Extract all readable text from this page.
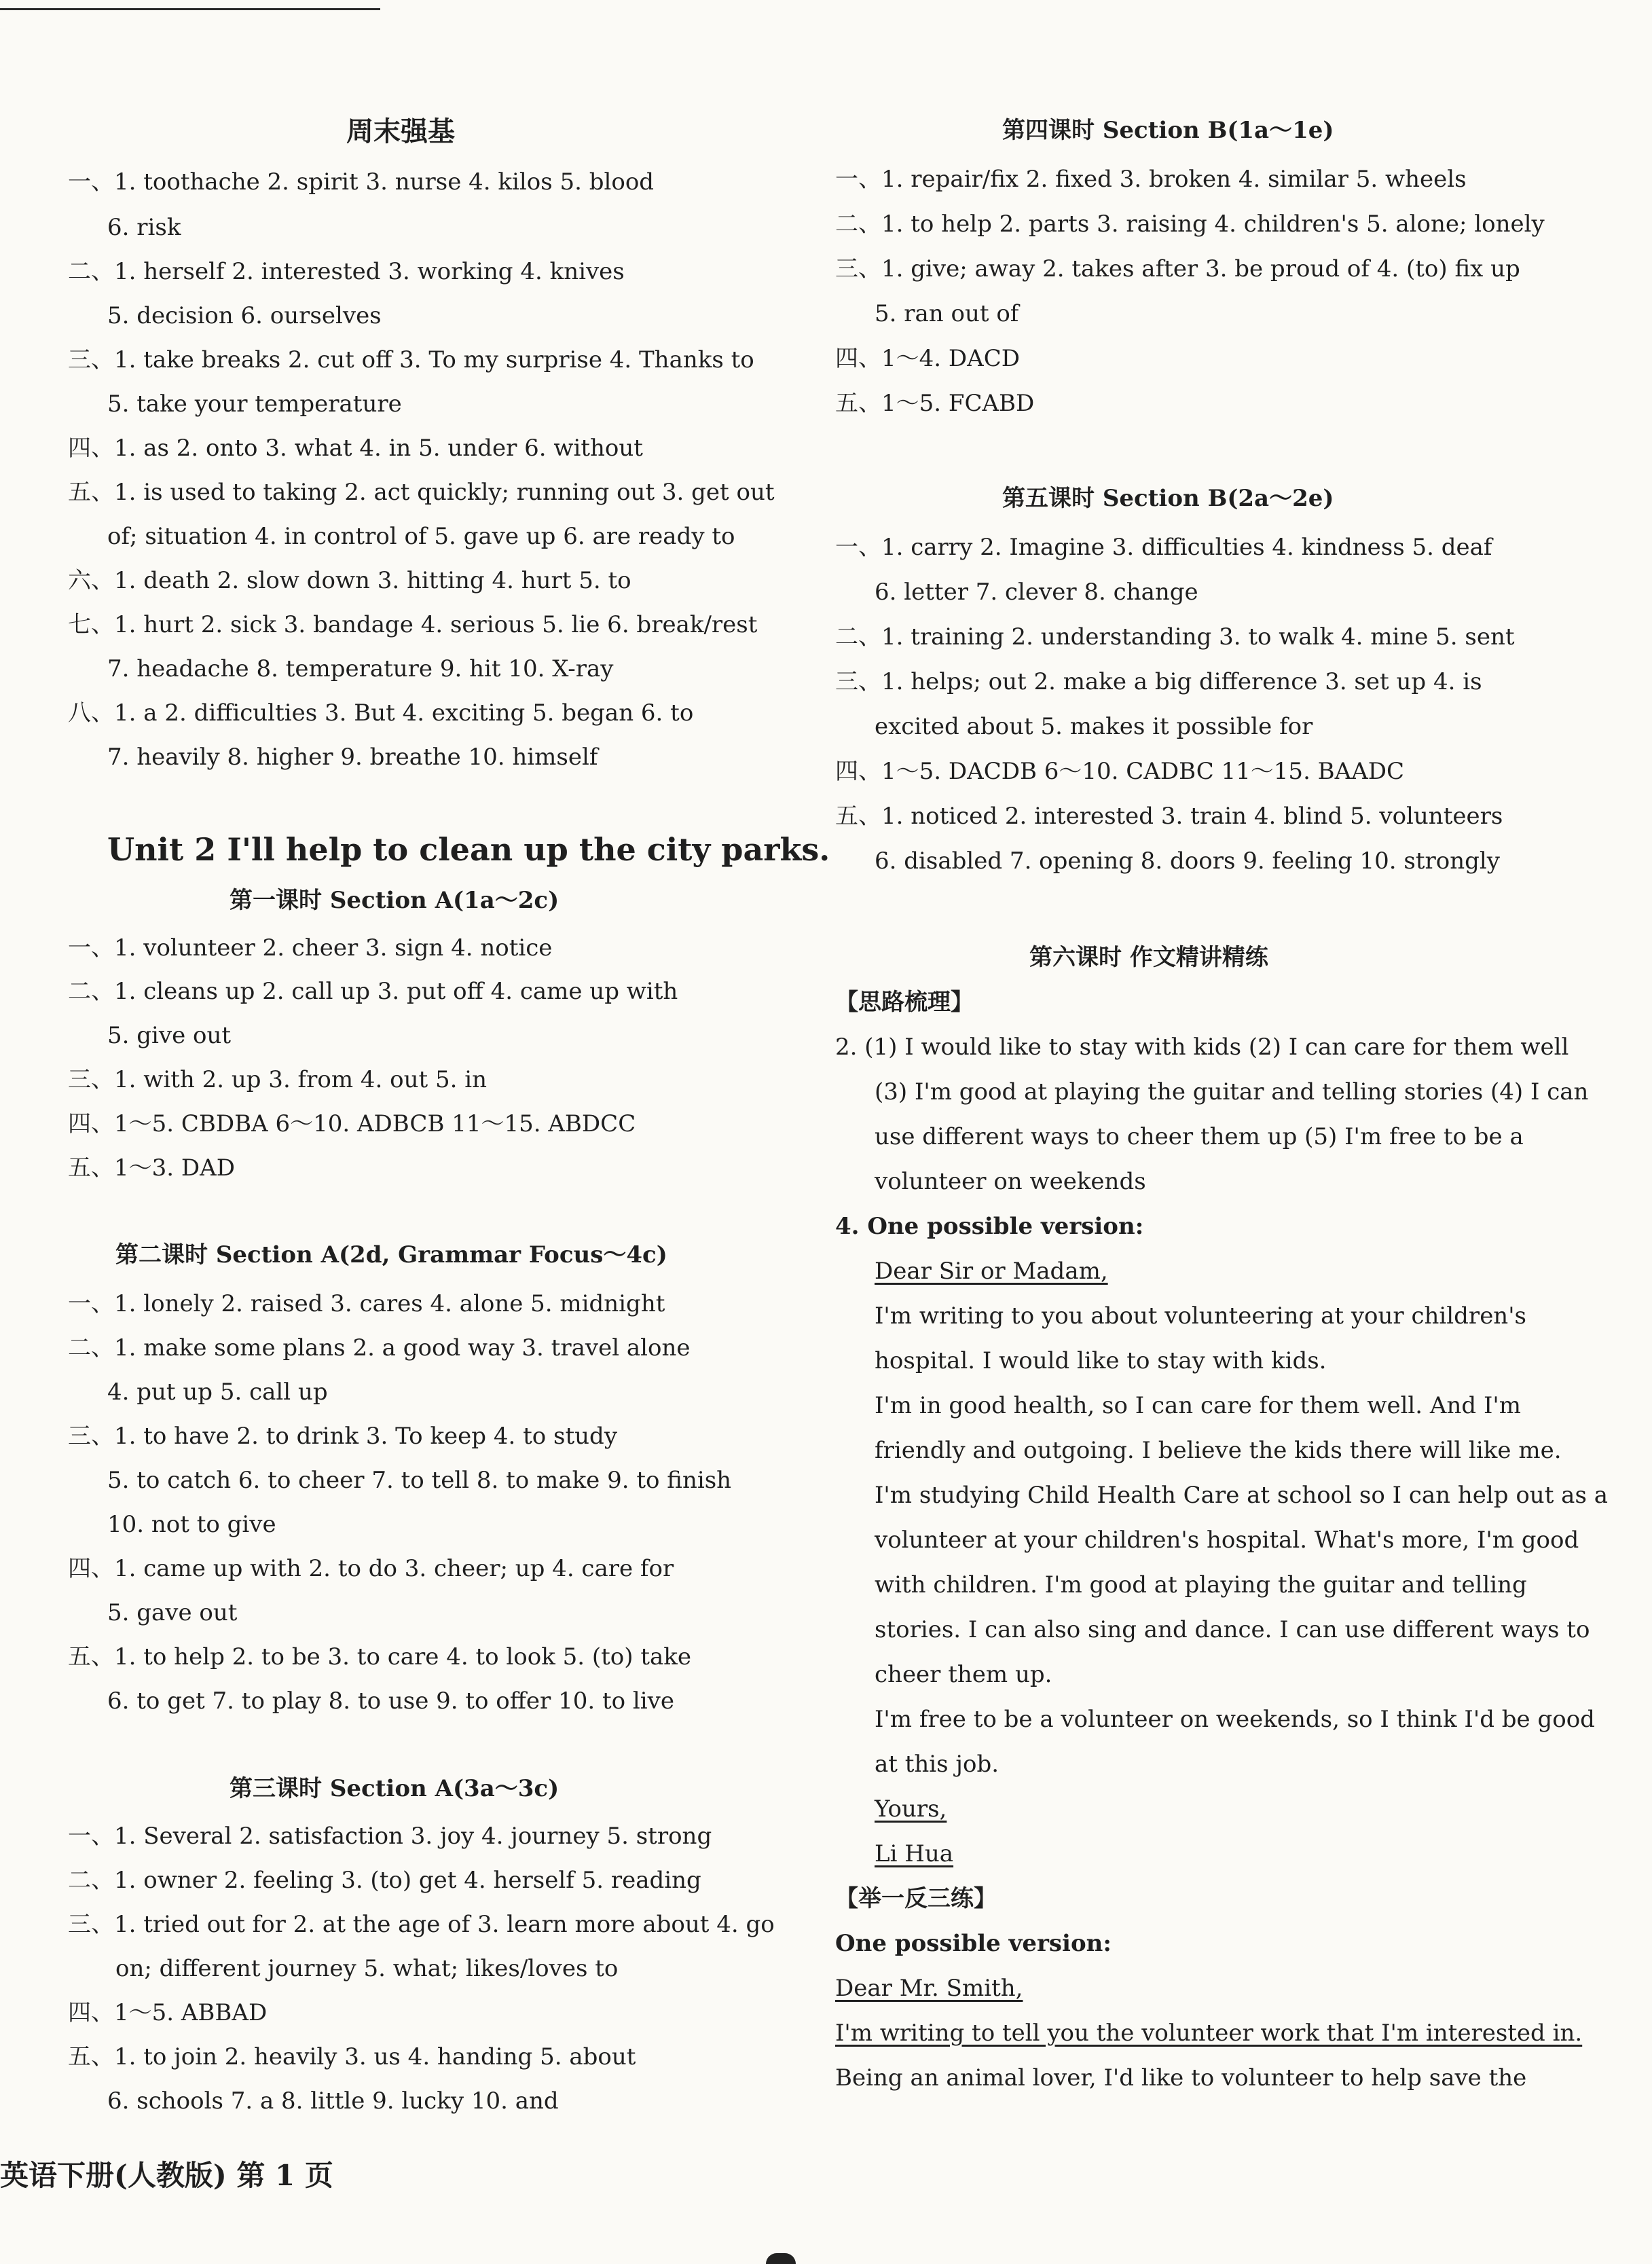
周末强基
一、1. toothache 2. spirit 3. nurse 4. kilos 5. blood
6. risk
二、1. herself 2. interested 3. working 4. knives
5. decision 6. ourselves
三、1. take breaks 2. cut off 3. To my surprise 4. Thanks to
5. take your temperature
四、1. as 2. onto 3. what 4. in 5. under 6. without
五、1. is used to taking 2. act quickly; running out 3. get out
of; situation 4. in control of 5. gave up 6. are ready to
六、1. death 2. slow down 3. hitting 4. hurt 5. to
七、1. hurt 2. sick 3. bandage 4. serious 5. lie 6. break/rest
7. headache 8. temperature 9. hit 10. X-ray
八、1. a 2. difficulties 3. But 4. exciting 5. began 6. to
7. heavily 8. higher 9. breathe 10. himself
Unit 2 I'll help to clean up the city parks.
第一课时 Section A(1a～2c)
一、1. volunteer 2. cheer 3. sign 4. notice
二、1. cleans up 2. call up 3. put off 4. came up with
5. give out
三、1. with 2. up 3. from 4. out 5. in
四、1～5. CBDBA 6～10. ADBCB 11～15. ABDCC
五、1～3. DAD
第二课时 Section A(2d, Grammar Focus～4c)
一、1. lonely 2. raised 3. cares 4. alone 5. midnight
二、1. make some plans 2. a good way 3. travel alone
4. put up 5. call up
三、1. to have 2. to drink 3. To keep 4. to study
5. to catch 6. to cheer 7. to tell 8. to make 9. to finish
10. not to give
四、1. came up with 2. to do 3. cheer; up 4. care for
5. gave out
五、1. to help 2. to be 3. to care 4. to look 5. (to) take
6. to get 7. to play 8. to use 9. to offer 10. to live
第三课时 Section A(3a～3c)
一、1. Several 2. satisfaction 3. joy 4. journey 5. strong
二、1. owner 2. feeling 3. (to) get 4. herself 5. reading
三、1. tried out for 2. at the age of 3. learn more about 4. go
on; different journey 5. what; likes/loves to
四、1～5. ABBAD
五、1. to join 2. heavily 3. us 4. handing 5. about
6. schools 7. a 8. little 9. lucky 10. and
第四课时 Section B(1a～1e)
一、1. repair/fix 2. fixed 3. broken 4. similar 5. wheels
二、1. to help 2. parts 3. raising 4. children's 5. alone; lonely
三、1. give; away 2. takes after 3. be proud of 4. (to) fix up
5. ran out of
四、1～4. DACD
五、1～5. FCABD
第五课时 Section B(2a～2e)
一、1. carry 2. Imagine 3. difficulties 4. kindness 5. deaf
6. letter 7. clever 8. change
二、1. training 2. understanding 3. to walk 4. mine 5. sent
三、1. helps; out 2. make a big difference 3. set up 4. is
excited about 5. makes it possible for
四、1～5. DACDB 6～10. CADBC 11～15. BAADC
五、1. noticed 2. interested 3. train 4. blind 5. volunteers
6. disabled 7. opening 8. doors 9. feeling 10. strongly
第六课时 作文精讲精练
【思路梳理】
2. (1) I would like to stay with kids (2) I can care for them well
(3) I'm good at playing the guitar and telling stories (4) I can
use different ways to cheer them up (5) I'm free to be a
volunteer on weekends
4. One possible version:
Dear Sir or Madam,
I'm writing to you about volunteering at your children's
hospital. I would like to stay with kids.
I'm in good health, so I can care for them well. And I'm
friendly and outgoing. I believe the kids there will like me.
I'm studying Child Health Care at school so I can help out as a
volunteer at your children's hospital. What's more, I'm good
with children. I'm good at playing the guitar and telling
stories. I can also sing and dance. I can use different ways to
cheer them up.
I'm free to be a volunteer on weekends, so I think I'd be good
at this job.
Yours,
Li Hua
【举一反三练】
One possible version:
Dear Mr. Smith,
I'm writing to tell you the volunteer work that I'm interested in.
Being an animal lover, I'd like to volunteer to help save the
英语下册(人教版) 第 1 页
